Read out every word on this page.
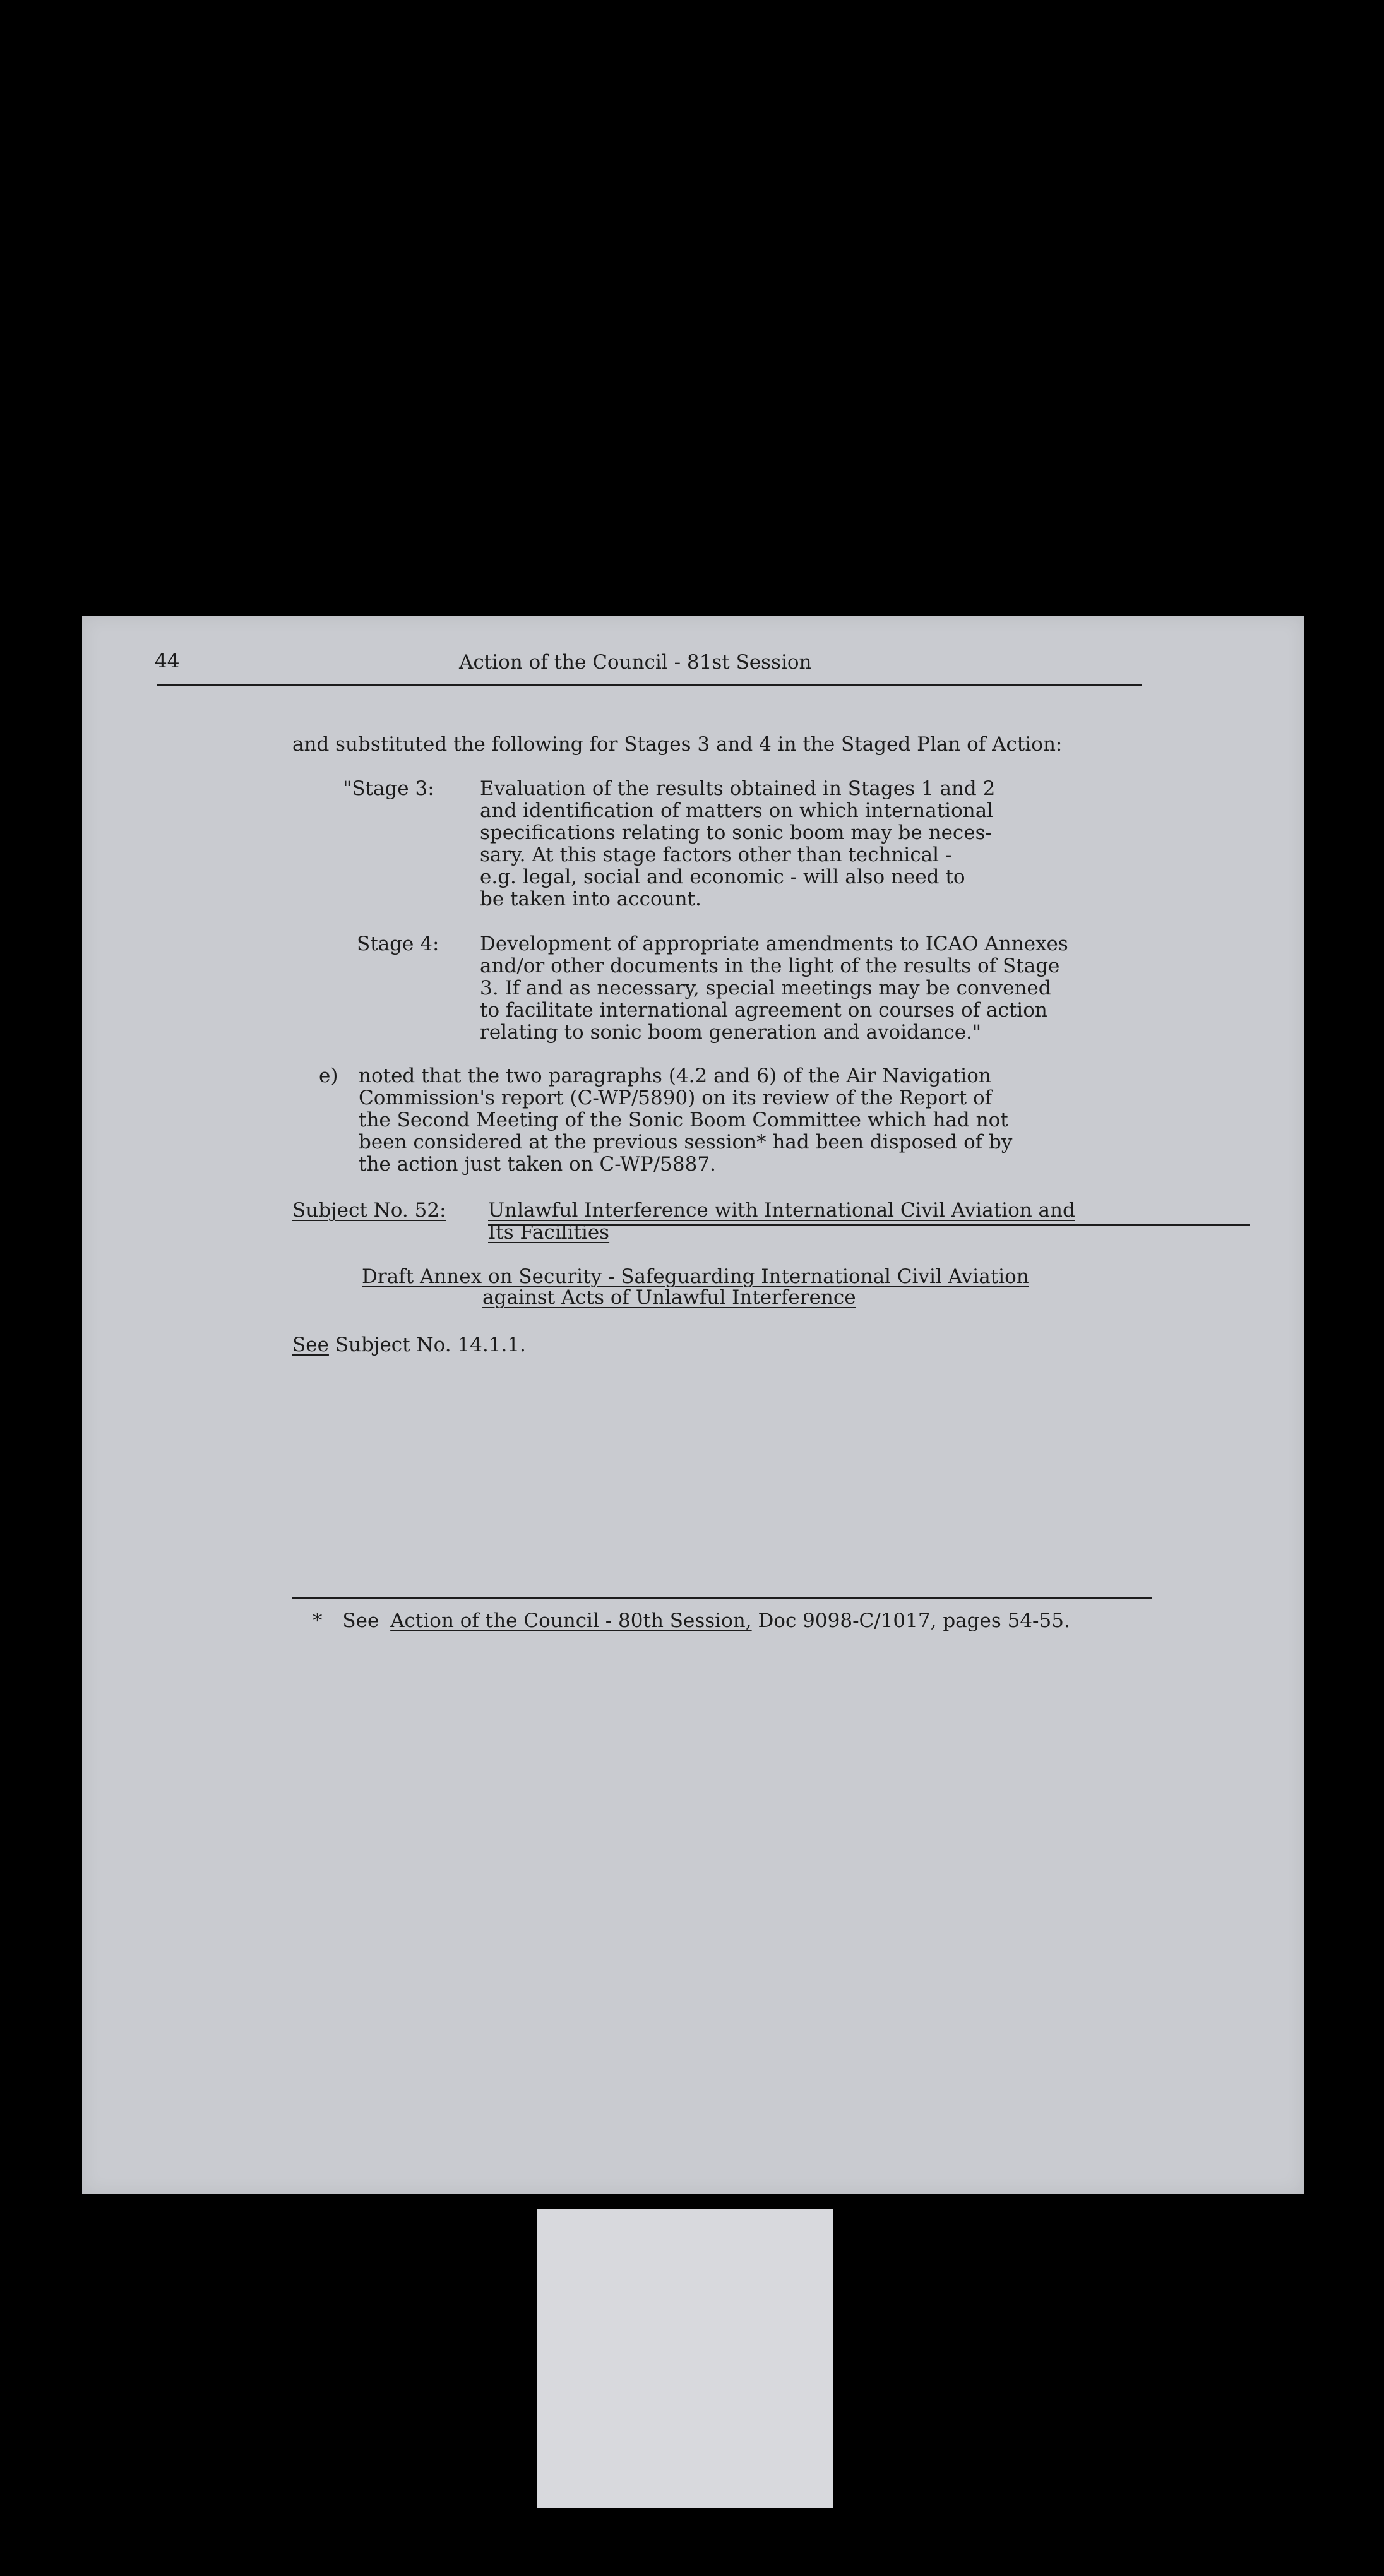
44	Action of the Council - 81st Session
and substituted the following for Stages 3 and 4 in the Staged Plan of Action:
"Stage 3: Evaluation of the results obtained in Stages 1 and 2
and identification of matters on which international
specifications relating to sonic boom may be neces-
sary. At this stage factors other than technical -
e.g. legal, social and economic - will also need to
be taken into account.
Stage 4: Development of appropriate amendments to ICAO Annexes
and/or other documents in the light of the results of Stage
3. If and as necessary, special meetings may be convened
to facilitate international agreement on courses of action
relating to sonic boom generation and avoidance."
e) noted that the two paragraphs (4.2 and 6) of the Air Navigation
Commission's report (C-WP/5890) on its review of the Report of
the Second Meeting of the Sonic Boom Committee which had not
been considered at the previous session* had been disposed of by
the action just taken on C-WP/5887.
Subject No. 52: Unlawful Interference with International Civil Aviation and
Its Facilities
Draft Annex on Security - Safeguarding International Civil Aviation
against Acts of Unlawful Interference
See Subject No. 14.1.1.
* See Action of the Council - 80th Session, Doc 9098-C/1017, pages 54-55.
